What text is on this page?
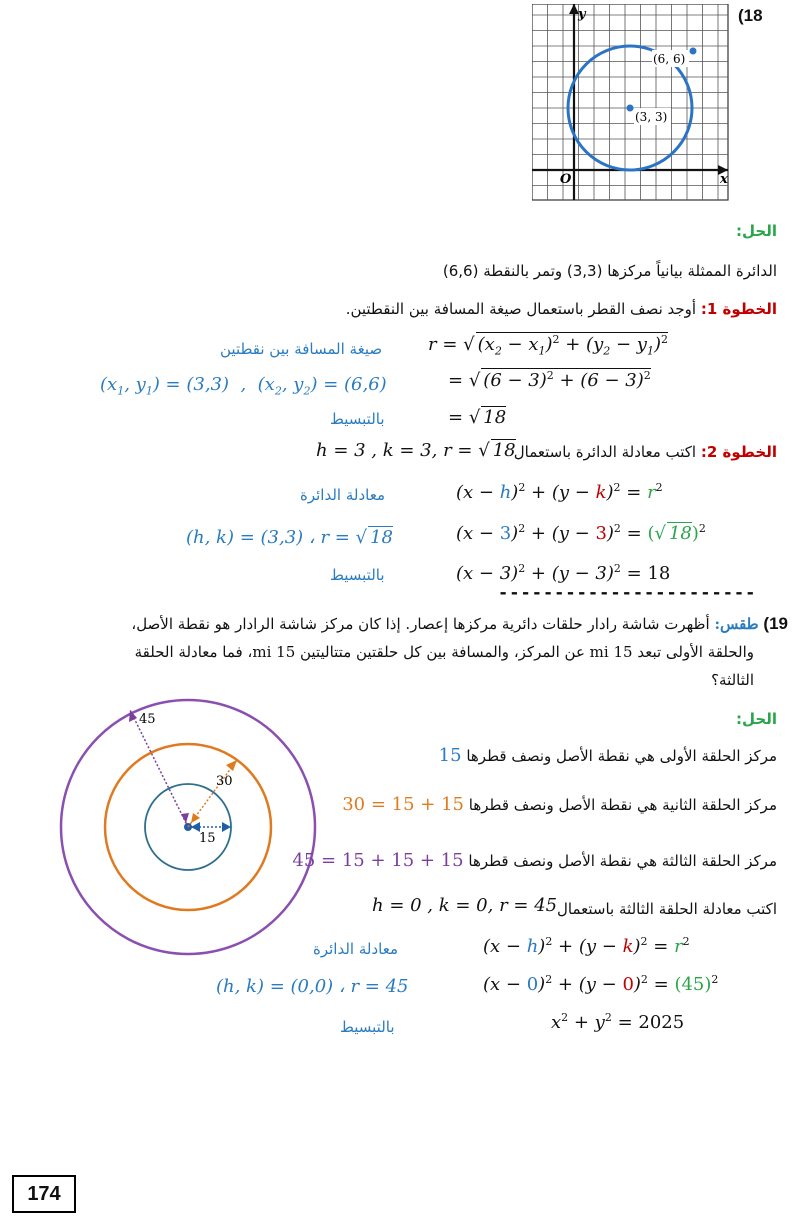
(18
y
x
O
(6, 6)
(3, 3)
الحل:
الدائرة الممثلة بيانياً مركزها (3,3) وتمر بالنقطة (6,6)
الخطوة 1: أوجد نصف القطر باستعمال صيغة المسافة بين النقطتين.
r = √ $(x_2 - x_1)^2 + (y_2 - y_1)^2$
صيغة المسافة بين نقطتين
= √ $(6 - 3)^2 + (6 - 3)^2$
($x_1$, $y_1) = (3,3)$  ,  ($x_2$, $y_2) = (6,6)$
= √ 18
بالتبسيط
الخطوة 2: اكتب معادلة الدائرة باستعمال
h = 3 , k = 3, r = √ 18
$(x - h)^2 + (y - k)^2 = r^2$
معادلة الدائرة
$(x - 3)^2 + (y - 3)^2$ = (√ 18)$^2$
(h, k) = (3,3) ، r = √ 18
$(x - 3)^2 + (y - 3)^2 = 18$
بالتبسيط
-----------------------
19) طقس: أظهرت شاشة رادار حلقات دائرية مركزها إعصار. إذا كان مركز شاشة الرادار هو نقطة الأصل،
والحلقة الأولى تبعد 15 mi عن المركز، والمسافة بين كل حلقتين متتاليتين 15 mi، فما معادلة الحلقة
الثالثة؟
45
30
15
الحل:
مركز الحلقة الأولى هي نقطة الأصل ونصف قطرها 15
مركز الحلقة الثانية هي نقطة الأصل ونصف قطرها 30 = 15 + 15
مركز الحلقة الثالثة هي نقطة الأصل ونصف قطرها 45 = 15 + 15 + 15
اكتب معادلة الحلقة الثالثة باستعمال
h = 0 , k = 0, r = 45
$(x - h)^2 + (y - k)^2 = r^2$
معادلة الدائرة
$(x - 0)^2 + (y - 0)^2 = (45)^2$
(h, k) = (0,0) ، r = 45
$x^2 + y^2 = 2025$
بالتبسيط
174
